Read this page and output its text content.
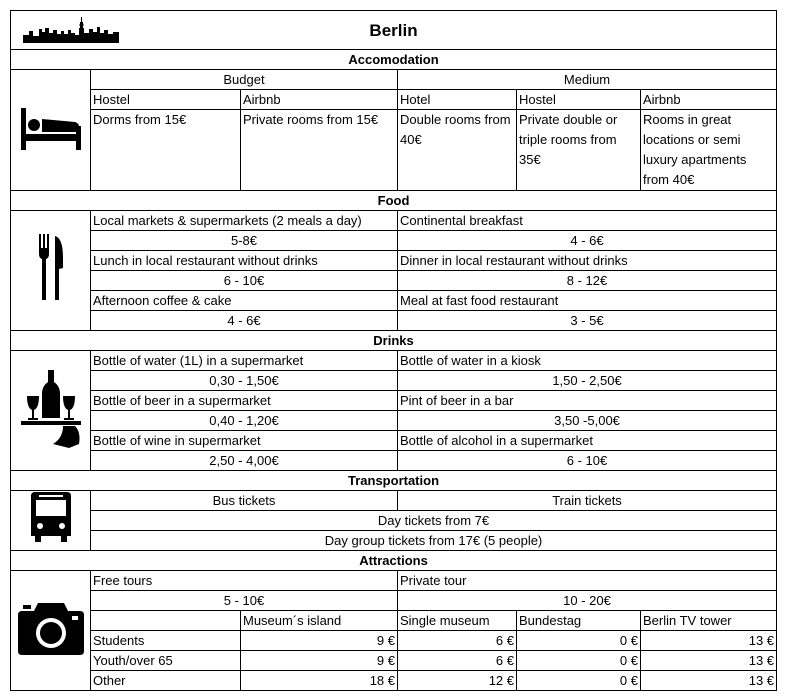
Berlin					
Accomodation					
	Budget		Medium		
	Hostel	Airbnb	Hotel	Hostel	Airbnb
	Dorms from 15€	Private rooms from 15€	Double rooms from 40€	Private double or triple rooms from 35€	Rooms in great locations or semi luxury apartments from 40€
Food					
	Local markets & supermarkets (2 meals a day)		Continental breakfast		
	5-8€		4 - 6€		
	Lunch in local restaurant without drinks		Dinner in local restaurant without drinks		
	6 - 10€		8 - 12€		
	Afternoon coffee & cake		Meal at fast food restaurant		
	4 - 6€		3 - 5€		
Drinks					
	Bottle of water (1L) in a supermarket		Bottle of water in a kiosk		
	0,30 - 1,50€		1,50 - 2,50€		
	Bottle of beer in a supermarket		Pint of beer in a bar		
	0,40 - 1,20€		3,50 -5,00€		
	Bottle of wine in supermarket		Bottle of alcohol in a supermarket		
	2,50 - 4,00€		6 - 10€		
Transportation					
	Bus tickets		Train tickets		
	Day tickets from 7€				
	Day group tickets from 17€ (5 people)				
Attractions					
	Free tours		Private tour		
	5 - 10€		10 - 20€		
		Museum´s island	Single museum	Bundestag	Berlin TV tower
	Students	9 €	6 €	0 €	13 €
	Youth/over 65	9 €	6 €	0 €	13 €
	Other	18 €	12 €	0 €	13 €
